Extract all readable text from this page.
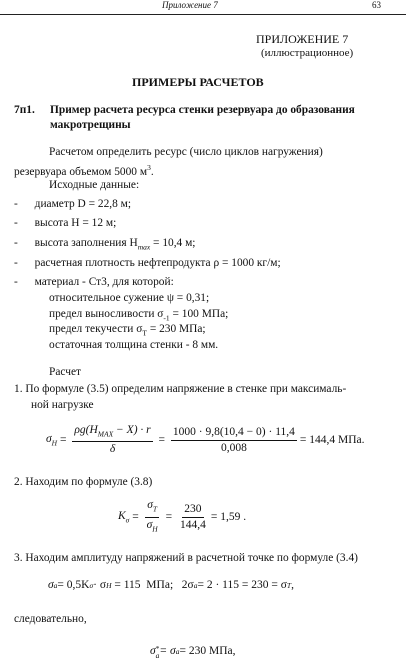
Приложение 7	63
ПРИЛОЖЕНИЕ 7
(иллюстрационное)
ПРИМЕРЫ РАСЧЕТОВ
7п1. Пример расчета ресурса стенки резервуара до образования
макротрещины
Расчетом определить ресурс (число циклов нагружения)
резервуара объемом 5000 $м^3$.
Исходные данные:
- диаметр D = 22,8 м;
- высота H = 12 м;
- высота заполнения $H_{max} = 10,4$ м;
- расчетная плотность нефтепродукта ρ = 1000 кг/м;
- материал - Ст3, для которой:
относительное сужение ψ = 0,31;
предел выносливости $\sigma_{-1} = 100$ МПа;
предел текучести $\sigma_T = 230$ МПа;
остаточная толщина стенки - 8 мм.
Расчет
1. По формуле (3.5) определим напряжение в стенке при максималь-
ной нагрузке
$\sigma_H = \frac{\rho g(H_{MAX} - X) \cdot r}{\delta} = \frac{1000 \cdot 9,8(10,4 - 0) \cdot 11,4}{0,008} = 144,4$ МПа.
2. Находим по формуле (3.8)
$K_\sigma = \frac{\sigma_T}{\sigma_H} = \frac{230}{144,4} = 1,59$ .
3. Находим амплитуду напряжений в расчетной точке по формуле (3.4)
σ a = 0,5K σ · σ H = 115  МПа;   2σ a = 2 · 115 = 230 = σ T ,
следовательно,
σ *
a = σ a = 230 МПа,
